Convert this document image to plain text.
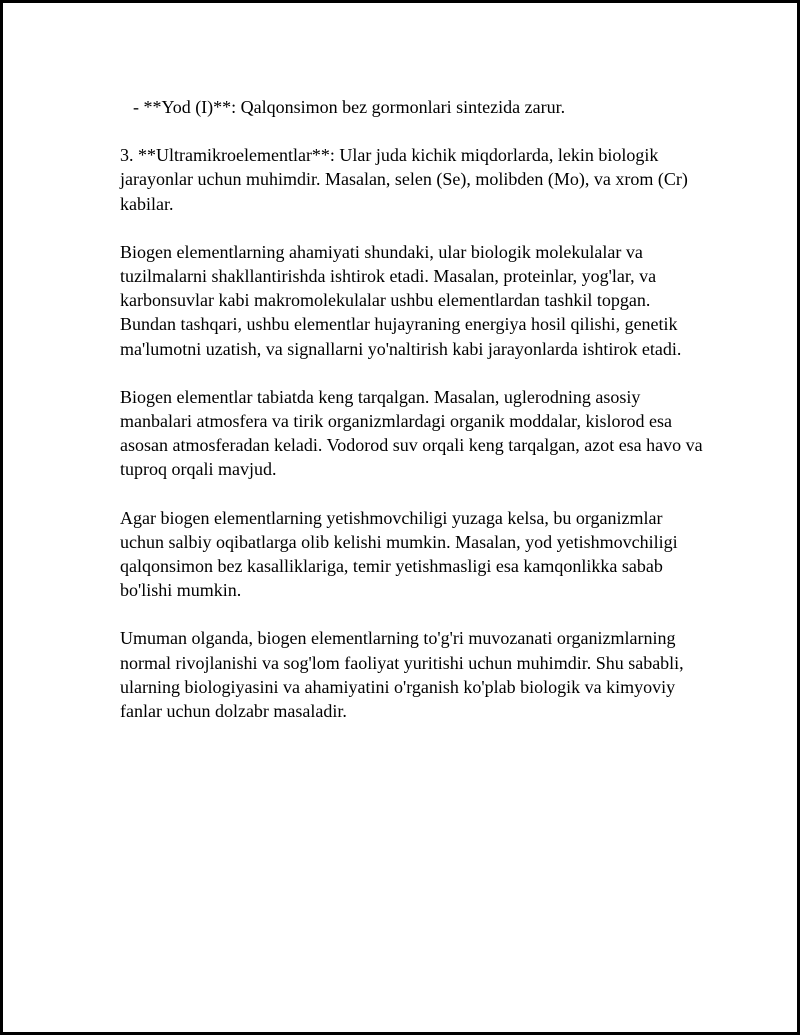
- **Yod (I)**: Qalqonsimon bez gormonlari sintezida zarur.

3. **Ultramikroelementlar**: Ular juda kichik miqdorlarda, lekin biologik jarayonlar uchun muhimdir. Masalan, selen (Se), molibden (Mo), va xrom (Cr) kabilar.

Biogen elementlarning ahamiyati shundaki, ular biologik molekulalar va tuzilmalarni shakllantirishda ishtirok etadi. Masalan, proteinlar, yog'lar, va karbonsuvlar kabi makromolekulalar ushbu elementlardan tashkil topgan. Bundan tashqari, ushbu elementlar hujayraning energiya hosil qilishi, genetik ma'lumotni uzatish, va signallarni yo'naltirish kabi jarayonlarda ishtirok etadi.

Biogen elementlar tabiatda keng tarqalgan. Masalan, uglerodning asosiy manbalari atmosfera va tirik organizmlardagi organik moddalar, kislorod esa asosan atmosferadan keladi. Vodorod suv orqali keng tarqalgan, azot esa havo va tuproq orqali mavjud.

Agar biogen elementlarning yetishmovchiligi yuzaga kelsa, bu organizmlar uchun salbiy oqibatlarga olib kelishi mumkin. Masalan, yod yetishmovchiligi qalqonsimon bez kasalliklariga, temir yetishmasligi esa kamqonlikka sabab bo'lishi mumkin.

Umuman olganda, biogen elementlarning to'g'ri muvozanati organizmlarning normal rivojlanishi va sog'lom faoliyat yuritishi uchun muhimdir. Shu sababli, ularning biologiyasini va ahamiyatini o'rganish ko'plab biologik va kimyoviy fanlar uchun dolzabr masaladir.
